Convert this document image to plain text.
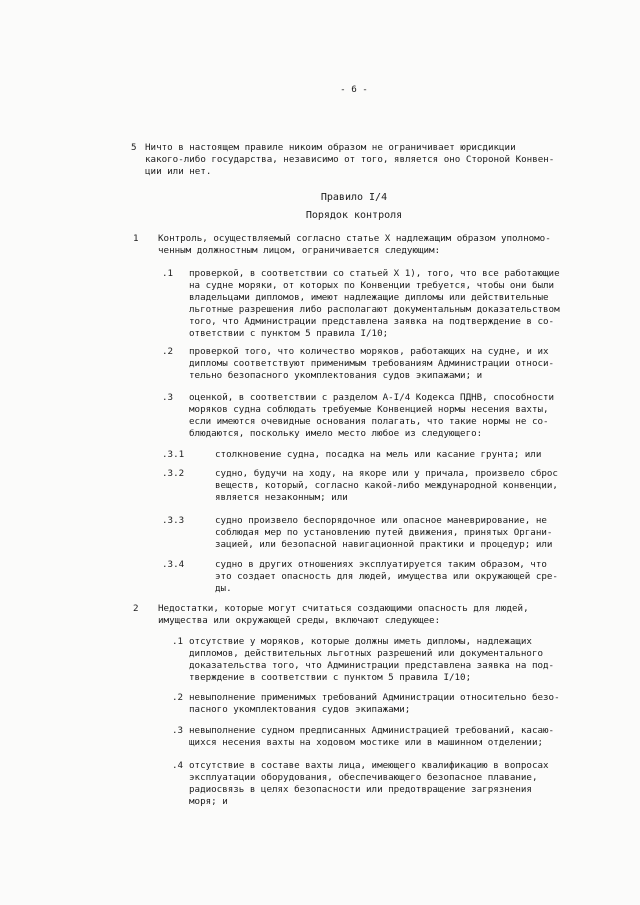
- 6 -
5 Ничто в настоящем правиле никоим образом не ограничивает юрисдикции
какого-либо государства, независимо от того, является оно Стороной Конвен-
ции или нет.
Правило I/4
Порядок контроля
1 Контроль, осуществляемый согласно статье X надлежащим образом уполномо-
ченным должностным лицом, ограничивается следующим:
.1 проверкой, в соответствии со статьей X 1), того, что все работающие
на судне моряки, от которых по Конвенции требуется, чтобы они были
владельцами дипломов, имеют надлежащие дипломы или действительные
льготные разрешения либо располагают документальным доказательством
того, что Администрации представлена заявка на подтверждение в со-
ответствии с пунктом 5 правила I/10;
.2 проверкой того, что количество моряков, работающих на судне, и их
дипломы соответствуют применимым требованиям Администрации относи-
тельно безопасного укомплектования судов экипажами; и
.3 оценкой, в соответствии с разделом A-I/4 Кодекса ПДНВ, способности
моряков судна соблюдать требуемые Конвенцией нормы несения вахты,
если имеются очевидные основания полагать, что такие нормы не со-
блюдаются, поскольку имело место любое из следующего:
.3.1	столкновение судна, посадка на мель или касание грунта; или
.3.2	судно, будучи на ходу, на якоре или у причала, произвело сброс
веществ, который, согласно какой-либо международной конвенции,
является незаконным; или
.3.3	судно произвело беспорядочное или опасное маневрирование, не
соблюдая мер по установлению путей движения, принятых Органи-
зацией, или безопасной навигационной практики и процедур; или
.3.4	судно в других отношениях эксплуатируется таким образом, что
это создает опасность для людей, имущества или окружающей сре-
ды.
2 Недостатки, которые могут считаться создающими опасность для людей,
имущества или окружающей среды, включают следующее:
.1 отсутствие у моряков, которые должны иметь дипломы, надлежащих
дипломов, действительных льготных разрешений или документального
доказательства того, что Администрации представлена заявка на под-
тверждение в соответствии с пунктом 5 правила I/10;
.2 невыполнение применимых требований Администрации относительно безо-
пасного укомплектования судов экипажами;
.3 невыполнение судном предписанных Администрацией требований, касаю-
щихся несения вахты на ходовом мостике или в машинном отделении;
.4 отсутствие в составе вахты лица, имеющего квалификацию в вопросах
эксплуатации оборудования, обеспечивающего безопасное плавание,
радиосвязь в целях безопасности или предотвращение загрязнения
моря; и
